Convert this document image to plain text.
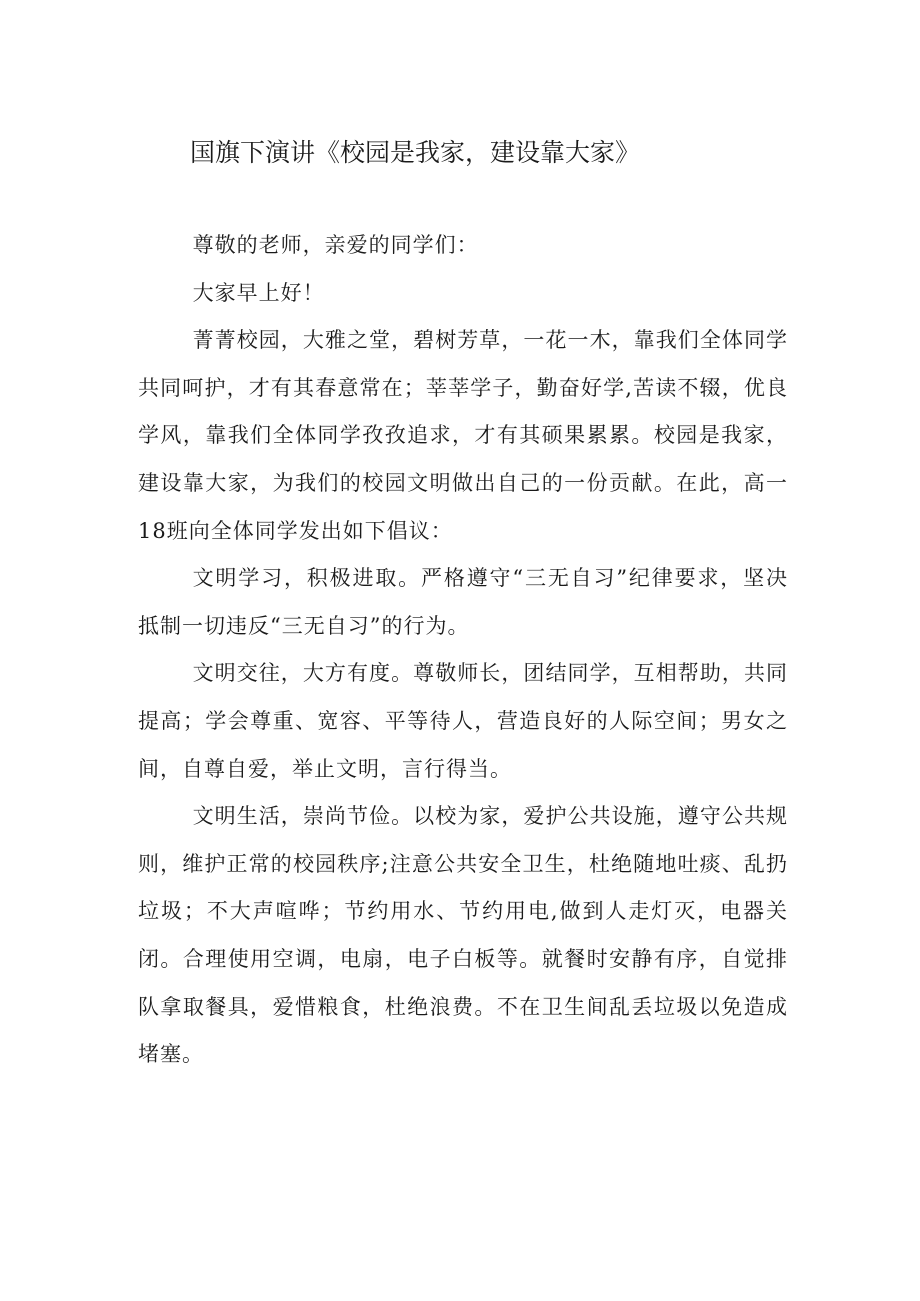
国旗下演讲《校园是我家，建设靠大家》

尊敬的老师，亲爱的同学们：

大家早上好！

菁菁校园，大雅之堂，碧树芳草，一花一木，靠我们全体同学共同呵护，才有其春意常在；莘莘学子，勤奋好学,苦读不辍，优良学风，靠我们全体同学孜孜追求，才有其硕果累累。校园是我家，建设靠大家，为我们的校园文明做出自己的一份贡献。在此，高一18班向全体同学发出如下倡议：

文明学习，积极进取。严格遵守“三无自习”纪律要求，坚决抵制一切违反“三无自习”的行为。

文明交往，大方有度。尊敬师长，团结同学，互相帮助，共同提高；学会尊重、宽容、平等待人，营造良好的人际空间；男女之间，自尊自爱，举止文明，言行得当。

文明生活，崇尚节俭。以校为家，爱护公共设施，遵守公共规则，维护正常的校园秩序;注意公共安全卫生，杜绝随地吐痰、乱扔垃圾；不大声喧哗；节约用水、节约用电,做到人走灯灭，电器关闭。合理使用空调，电扇，电子白板等。就餐时安静有序，自觉排队拿取餐具，爱惜粮食，杜绝浪费。不在卫生间乱丢垃圾以免造成堵塞。
